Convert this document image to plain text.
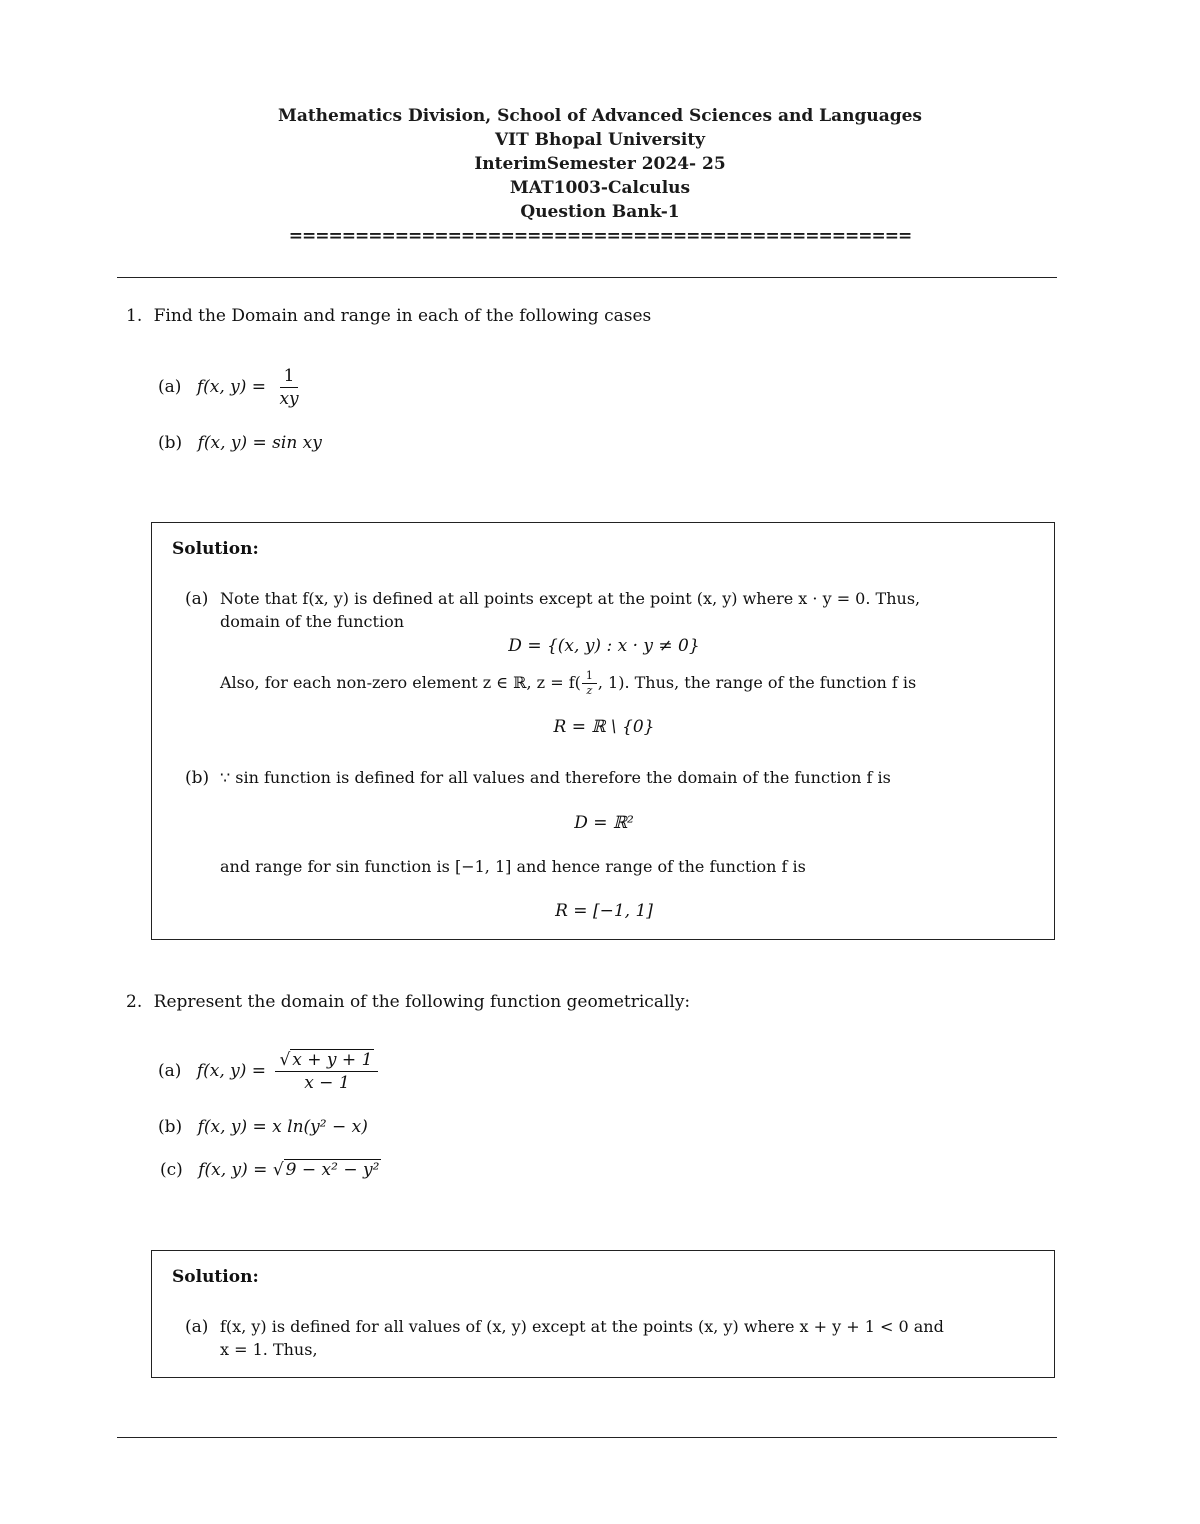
Mathematics Division, School of Advanced Sciences and Languages
VIT Bhopal University
InterimSemester 2024- 25
MAT1003-Calculus
Question Bank-1
===============================================
1. Find the Domain and range in each of the following cases
(a) f(x, $y) = \frac{1}{xy}$
(b) f(x, y) = sin xy
Solution:
(a) Note that f(x, y) is defined at all points except at the point (x, y) where x · y = 0. Thus,
domain of the function
D = {(x, y) : x · y ≠ 0}
Also, for each non-zero element z ∈ ℝ, $z = f( \frac{1}{z}$ , 1). Thus, the range of the function f is
R = ℝ \ {0}
(b) ∵ sin function is defined for all values and therefore the domain of the function f is
D = ℝ²
and range for sin function is [−1, 1] and hence range of the function f is
R = [−1, 1]
2. Represent the domain of the following function geometrically:
(a) f(x, $y) = \frac{√ x + y + 1}{x - 1}$
(b) f(x, y) = x ln(y² − x)
(c) f(x, y) = √ 9 − x² − y²
Solution:
(a) f(x, y) is defined for all values of (x, y) except at the points (x, y) where x + y + 1 < 0 and
x = 1. Thus,
